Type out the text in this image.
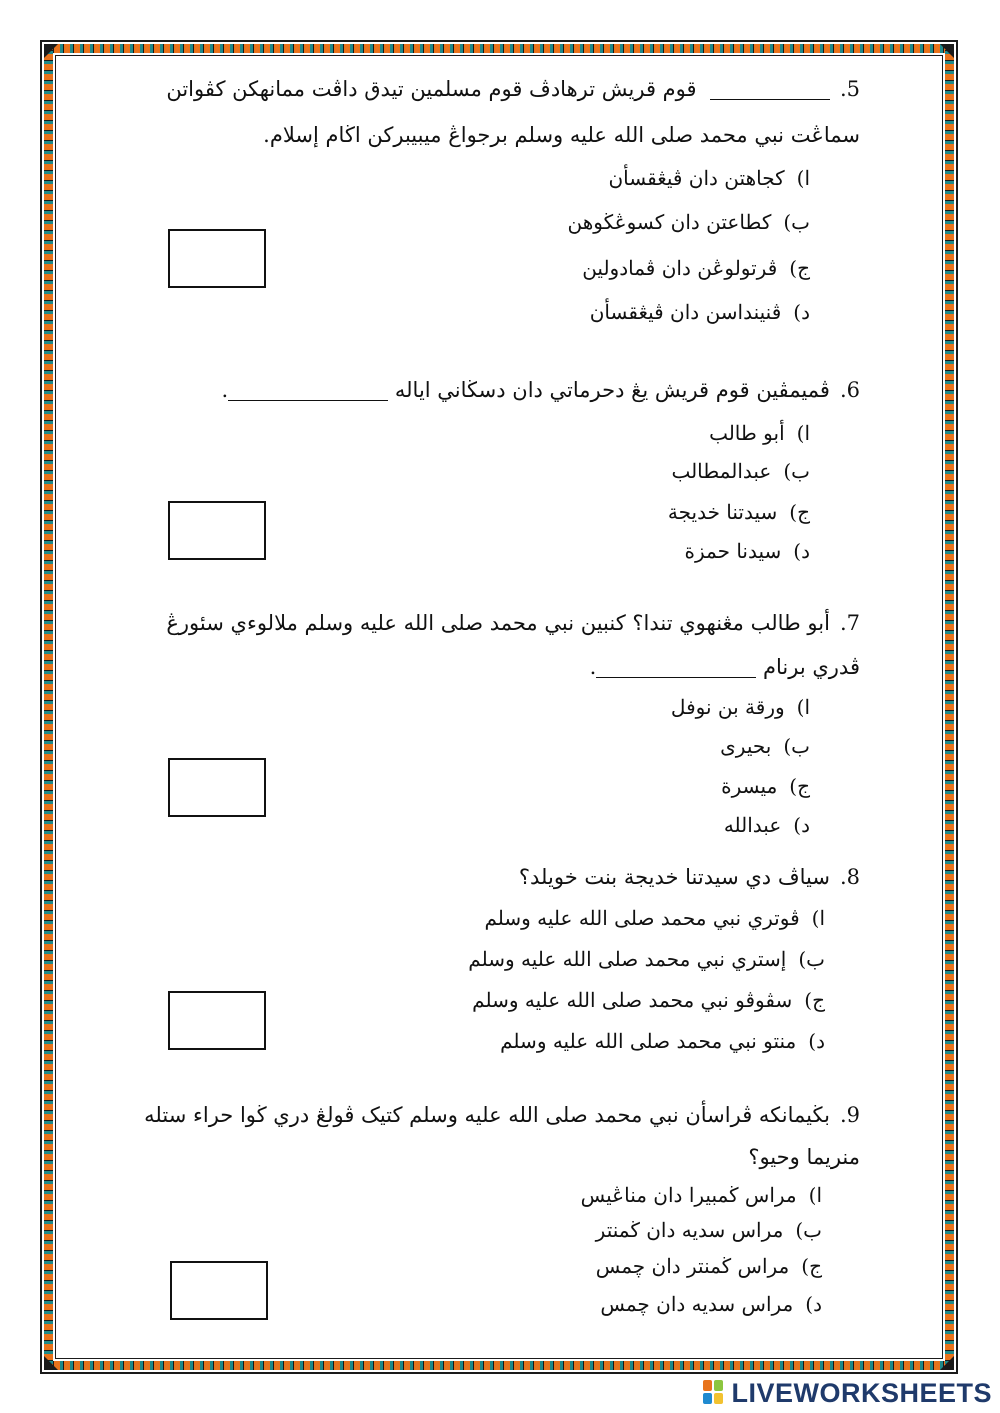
5.  قوم قريش ترهادڤ قوم مسلمين تيدق داڤت ممانهكن كڤواتن
سماڠت نبي محمد صلى الله عليه وسلم برجواڠ ميبيبركن اڬام إسلام.
ا)كجاهتن دان ڤيڠقسأن
ب)كطاعتن دان كسوڠڬوهن
ج)ڤرتولوڠن دان ڤمادولين
د)ڤنينداسن دان ڤيڠقسأن
6.ڤميمڤين قوم قريش يڠ دحرماتي دان دسڬاني اياله .
ا)أبو طالب
ب)عبدالمطالب
ج)سيدتنا خديجة
د)سيدنا حمزة
7.أبو طالب مڠنهوي تندا؟ كنبين نبي محمد صلى الله عليه وسلم ملالوءي سئورڠ
ڤدري برنام .
ا)ورقة بن نوفل
ب)بحيرى
ج)ميسرة
د)عبدالله
8.سياڤ دي سيدتنا خديجة بنت خويلد؟
ا)ڤوتري نبي محمد صلى الله عليه وسلم
ب)إستري نبي محمد صلى الله عليه وسلم
ج)سڤوڤو نبي محمد صلى الله عليه وسلم
د)منتو نبي محمد صلى الله عليه وسلم
9.بڬيمانكه ڤراسأن نبي محمد صلى الله عليه وسلم كتيک ڤولڠ دري ڬوا حراء ستله
منريما وحيو؟
ا)مراس ڬمبيرا دان مناڠيس
ب)مراس سديه دان ڬمنتر
ج)مراس ڬمنتر دان چمس
د)مراس سديه دان چمس
LIVEWORKSHEETS
